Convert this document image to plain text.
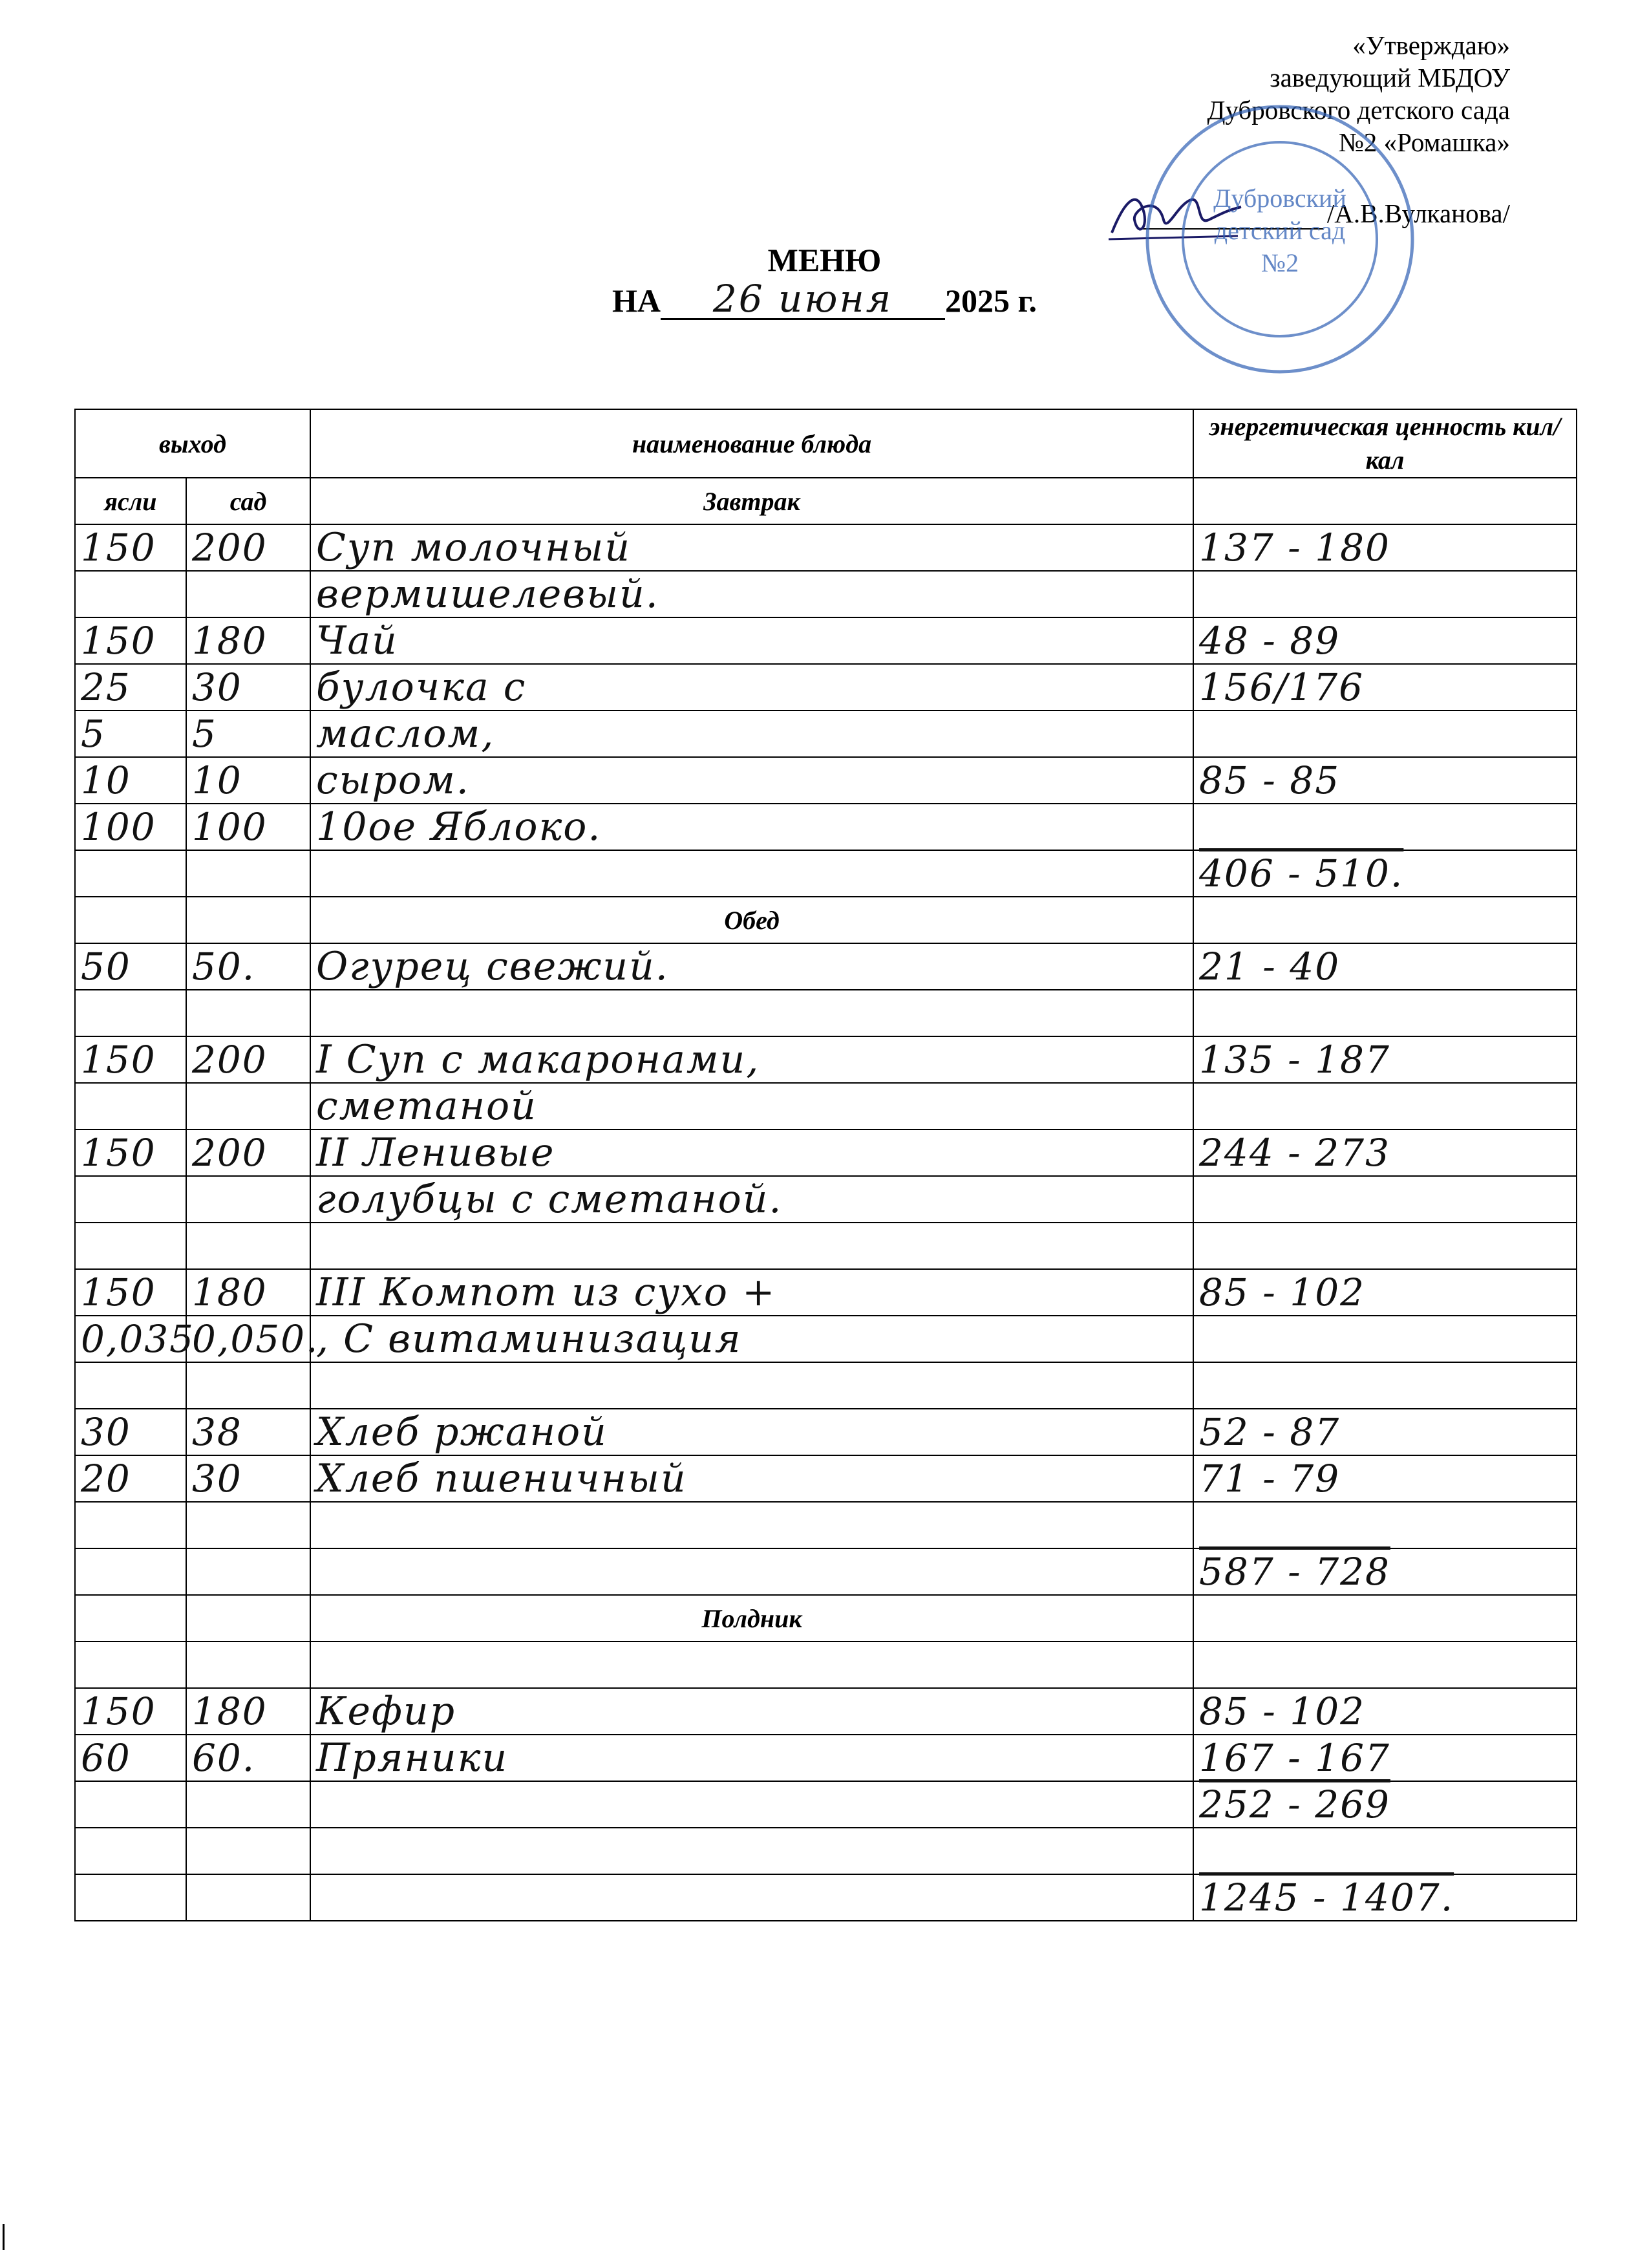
«Утверждаю»
заведующий МБДОУ
Дубровского детского сада
№2 «Ромашка»
/А.В.Вулканова/
Дубровский
детский сад
№2
МЕНЮ
НА 26 июня 2025 г.
выход		наименование блюда	энергетическая ценность кил/кал
ясли	сад	Завтрак	
150	200	Суп молочный	137 - 180
		вермишелевый.	
150	180	Чай	48 - 89
25	30	булочка с	156/176
5	5	маслом,	
10	10	сыром.	85 - 85
100	100	10ое Яблоко.	
			406 - 510.
		Обед	
50	50.	Огурец свежий.	21 - 40

150	200	I Суп с макаронами,	135 - 187
		сметаной	
150	200	II Ленивые	244 - 273
		голубцы с сметаной.	

150	180	III Компот из сухо +	85 - 102
0,035	0,050.	, С витаминизация	

30	38	Хлеб ржаной	52 - 87
20	30	Хлеб пшеничный	71 - 79

			587 - 728
		Полдник	

150	180	Кефир	85 - 102
60	60.	Пряники	167 - 167
			252 - 269

			1245 - 1407.
